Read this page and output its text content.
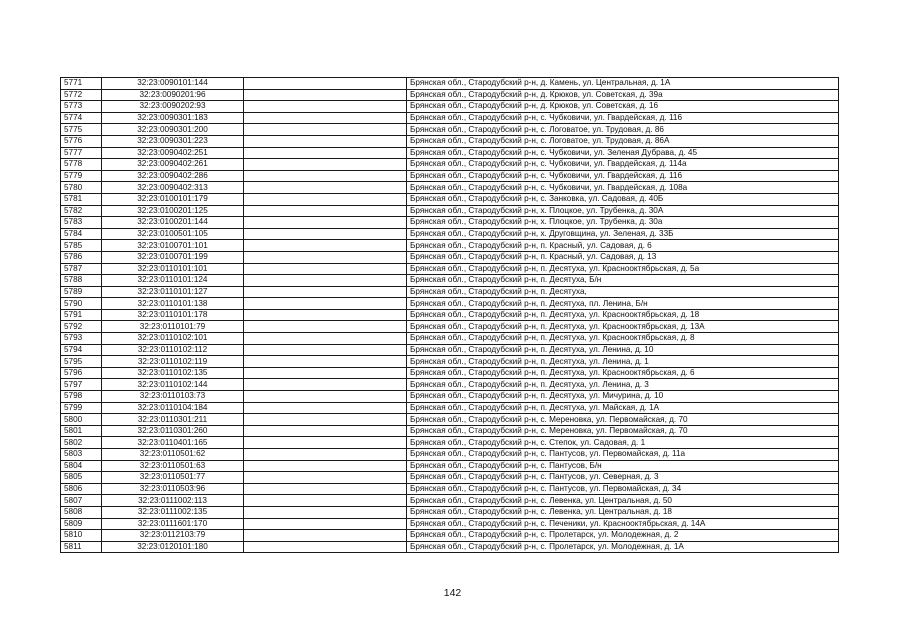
5771	32:23:0090101:144		Брянская обл., Стародубский р-н, д. Камень, ул. Центральная, д. 1А
5772	32:23:0090201:96		Брянская обл., Стародубский р-н, д. Крюков, ул. Советская, д. 39а
5773	32:23:0090202:93		Брянская обл., Стародубский р-н, д. Крюков, ул. Советская, д. 16
5774	32:23:0090301:183		Брянская обл., Стародубский р-н, с. Чубковичи, ул. Гвардейская, д. 116
5775	32:23:0090301:200		Брянская обл., Стародубский р-н, с. Логоватое, ул. Трудовая, д. 86
5776	32:23:0090301:223		Брянская обл., Стародубский р-н, с. Логоватое, ул. Трудовая, д. 86А
5777	32:23:0090402:251		Брянская обл., Стародубский р-н, с. Чубковичи, ул. Зеленая Дубрава, д. 45
5778	32:23:0090402:261		Брянская обл., Стародубский р-н, с. Чубковичи, ул. Гвардейская, д. 114а
5779	32:23:0090402:286		Брянская обл., Стародубский р-н, с. Чубковичи, ул. Гвардейская, д. 116
5780	32:23:0090402:313		Брянская обл., Стародубский р-н, с. Чубковичи, ул. Гвардейская, д. 108а
5781	32:23:0100101:179		Брянская обл., Стародубский р-н, с. Занковка, ул. Садовая, д. 40Б
5782	32:23:0100201:125		Брянская обл., Стародубский р-н, х. Плоцкое, ул. Трубенка, д. 30А
5783	32:23:0100201:144		Брянская обл., Стародубский р-н, х. Плоцкое, ул. Трубенка, д. 30а
5784	32:23:0100501:105		Брянская обл., Стародубский р-н, х. Друговщина, ул. Зеленая, д. 33Б
5785	32:23:0100701:101		Брянская обл., Стародубский р-н, п. Красный, ул. Садовая, д. 6
5786	32:23:0100701:199		Брянская обл., Стародубский р-н, п. Красный, ул. Садовая, д. 13
5787	32:23:0110101:101		Брянская обл., Стародубский р-н, п. Десятуха, ул. Краснооктябрьская, д. 5а
5788	32:23:0110101:124		Брянская обл., Стародубский р-н, п. Десятуха, Б/н
5789	32:23:0110101:127		Брянская обл., Стародубский р-н, п. Десятуха,
5790	32:23:0110101:138		Брянская обл., Стародубский р-н, п. Десятуха, пл. Ленина, Б/н
5791	32:23:0110101:178		Брянская обл., Стародубский р-н, п. Десятуха, ул. Краснооктябрьская, д. 18
5792	32:23:0110101:79		Брянская обл., Стародубский р-н, п. Десятуха, ул. Краснооктябрьская, д. 13А
5793	32:23:0110102:101		Брянская обл., Стародубский р-н, п. Десятуха, ул. Краснооктябрьская, д. 8
5794	32:23:0110102:112		Брянская обл., Стародубский р-н, п. Десятуха, ул. Ленина, д. 10
5795	32:23:0110102:119		Брянская обл., Стародубский р-н, п. Десятуха, ул. Ленина, д. 1
5796	32:23:0110102:135		Брянская обл., Стародубский р-н, п. Десятуха, ул. Краснооктябрьская, д. 6
5797	32:23:0110102:144		Брянская обл., Стародубский р-н, п. Десятуха, ул. Ленина, д. 3
5798	32:23:0110103:73		Брянская обл., Стародубский р-н, п. Десятуха, ул. Мичурина, д. 10
5799	32:23:0110104:184		Брянская обл., Стародубский р-н, п. Десятуха, ул. Майская, д. 1А
5800	32:23:0110301:211		Брянская обл., Стародубский р-н, с. Мереновка, ул. Первомайская, д. 70
5801	32:23:0110301:260		Брянская обл., Стародубский р-н, с. Мереновка, ул. Первомайская, д. 70
5802	32:23:0110401:165		Брянская обл., Стародубский р-н, с. Степок, ул. Садовая, д. 1
5803	32:23:0110501:62		Брянская обл., Стародубский р-н, с. Пантусов, ул. Первомайская, д. 11а
5804	32:23:0110501:63		Брянская обл., Стародубский р-н, с. Пантусов, Б/н
5805	32:23:0110501:77		Брянская обл., Стародубский р-н, с. Пантусов, ул. Северная, д. 3
5806	32:23:0110503:96		Брянская обл., Стародубский р-н, с. Пантусов, ул. Первомайская, д. 34
5807	32:23:0111002:113		Брянская обл., Стародубский р-н, с. Левенка, ул. Центральная, д. 50
5808	32:23:0111002:135		Брянская обл., Стародубский р-н, с. Левенка, ул. Центральная, д. 18
5809	32:23:0111601:170		Брянская обл., Стародубский р-н, с. Печеники, ул. Краснооктябрьская, д. 14А
5810	32:23:0112103:79		Брянская обл., Стародубский р-н, с. Пролетарск, ул. Молодежная, д. 2
5811	32:23:0120101:180		Брянская обл., Стародубский р-н, с. Пролетарск, ул. Молодежная, д. 1А
142
